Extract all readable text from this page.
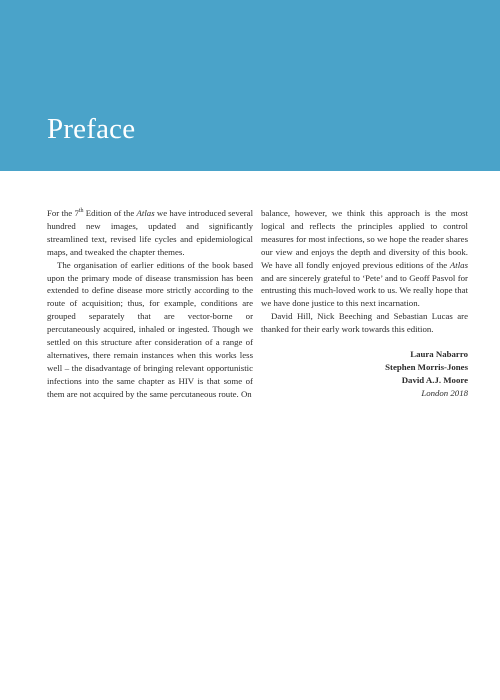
Preface

For the 7th Edition of the Atlas we have introduced several hundred new images, updated and significantly streamlined text, revised life cycles and epidemiological maps, and tweaked the chapter themes.

The organisation of earlier editions of the book based upon the primary mode of disease transmission has been extended to define disease more strictly according to the route of acquisition; thus, for example, conditions are grouped separately that are vector-borne or percutaneously acquired, inhaled or ingested. Though we settled on this structure after consideration of a range of alternatives, there remain instances when this works less well – the disadvantage of bringing relevant opportunistic infections into the same chapter as HIV is that some of them are not acquired by the same percutaneous route. On

balance, however, we think this approach is the most logical and reflects the principles applied to control measures for most infections, so we hope the reader shares our view and enjoys the depth and diversity of this book. We have all fondly enjoyed previous editions of the Atlas and are sincerely grateful to ‘Pete’ and to Geoff Pasvol for entrusting this much-loved work to us. We really hope that we have done justice to this next incarnation.

David Hill, Nick Beeching and Sebastian Lucas are thanked for their early work towards this edition.

Laura Nabarro
Stephen Morris-Jones
David A.J. Moore
London 2018
